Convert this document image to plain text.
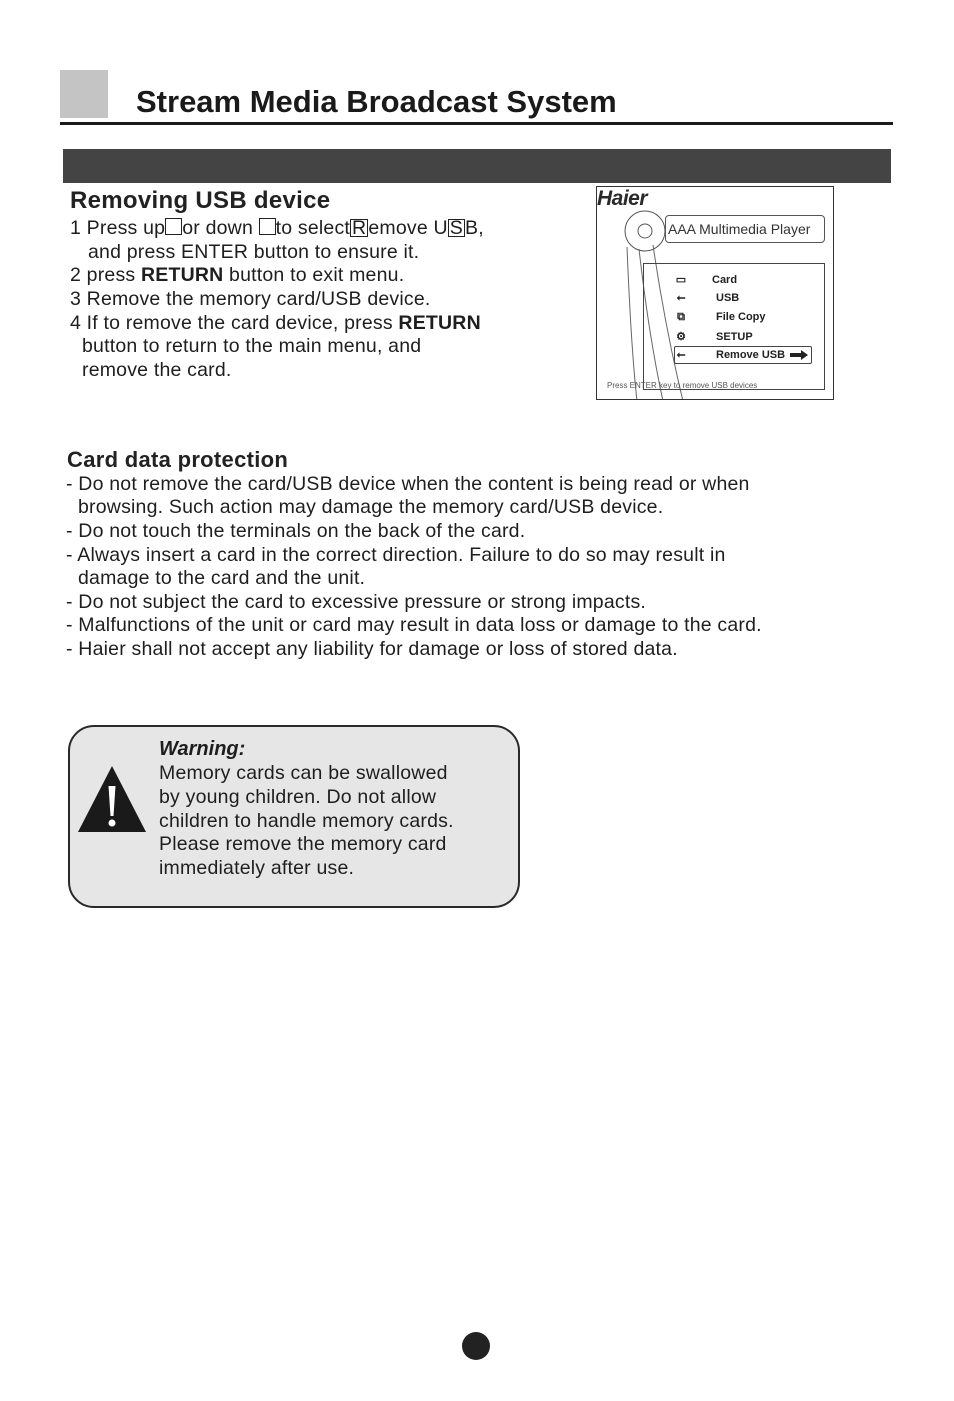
Stream Media Broadcast System
Removing USB device
1 Press up or down to select R emove U S B,
and press ENTER button to ensure it.
2 press RETURN button to exit menu.
3 Remove the memory card/USB device.
4 If to remove the card device, press RETURN
button to return to the main menu, and
remove the card.
Haier
AAA Multimedia Player
▭ Card
⭠	USB
⧉	File Copy
⚙	SETUP
⭠	Remove USB
Press ENTER key to remove USB devices
Card data protection
- Do not remove the card/USB device when the content is being read or when
browsing. Such action may damage the memory card/USB device.
- Do not touch the terminals on the back of the card.
- Always insert a card in the correct direction. Failure to do so may result in
damage to the card and the unit.
- Do not subject the card to excessive pressure or strong impacts.
- Malfunctions of the unit or card may result in data loss or damage to the card.
- Haier shall not accept any liability for damage or loss of stored data.
Warning:
Memory cards can be swallowed
by young children. Do not allow
children to handle memory cards.
Please remove the memory card
immediately after use.
